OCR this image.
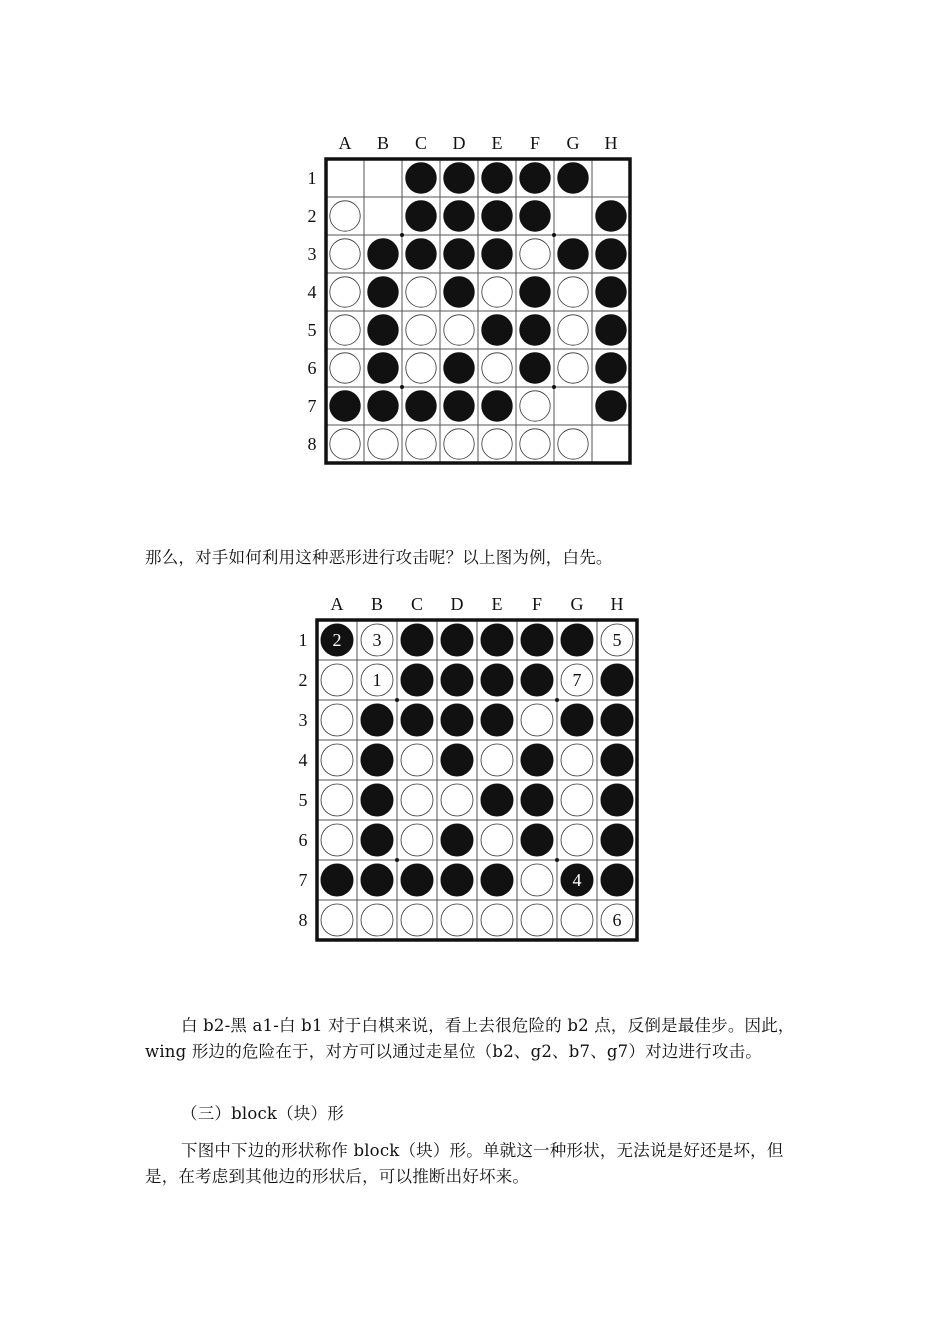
A B C D E F G H
1
2
3
4
5
6
7
8

那么，对手如何利用这种恶形进行攻击呢？以上图为例，白先。

A B C D E F G H
1
2
3
4
5
6
7
8
2 3	5
1	7
4
6

白 b2-黑 a1-白 b1 对于白棋来说，看上去很危险的 b2 点，反倒是最佳步。因此，wing 形边的危险在于，对方可以通过走星位（b2、g2、b7、g7）对边进行攻击。

（三）block（块）形

下图中下边的形状称作 block（块）形。单就这一种形状，无法说是好还是坏，但是，在考虑到其他边的形状后，可以推断出好坏来。
